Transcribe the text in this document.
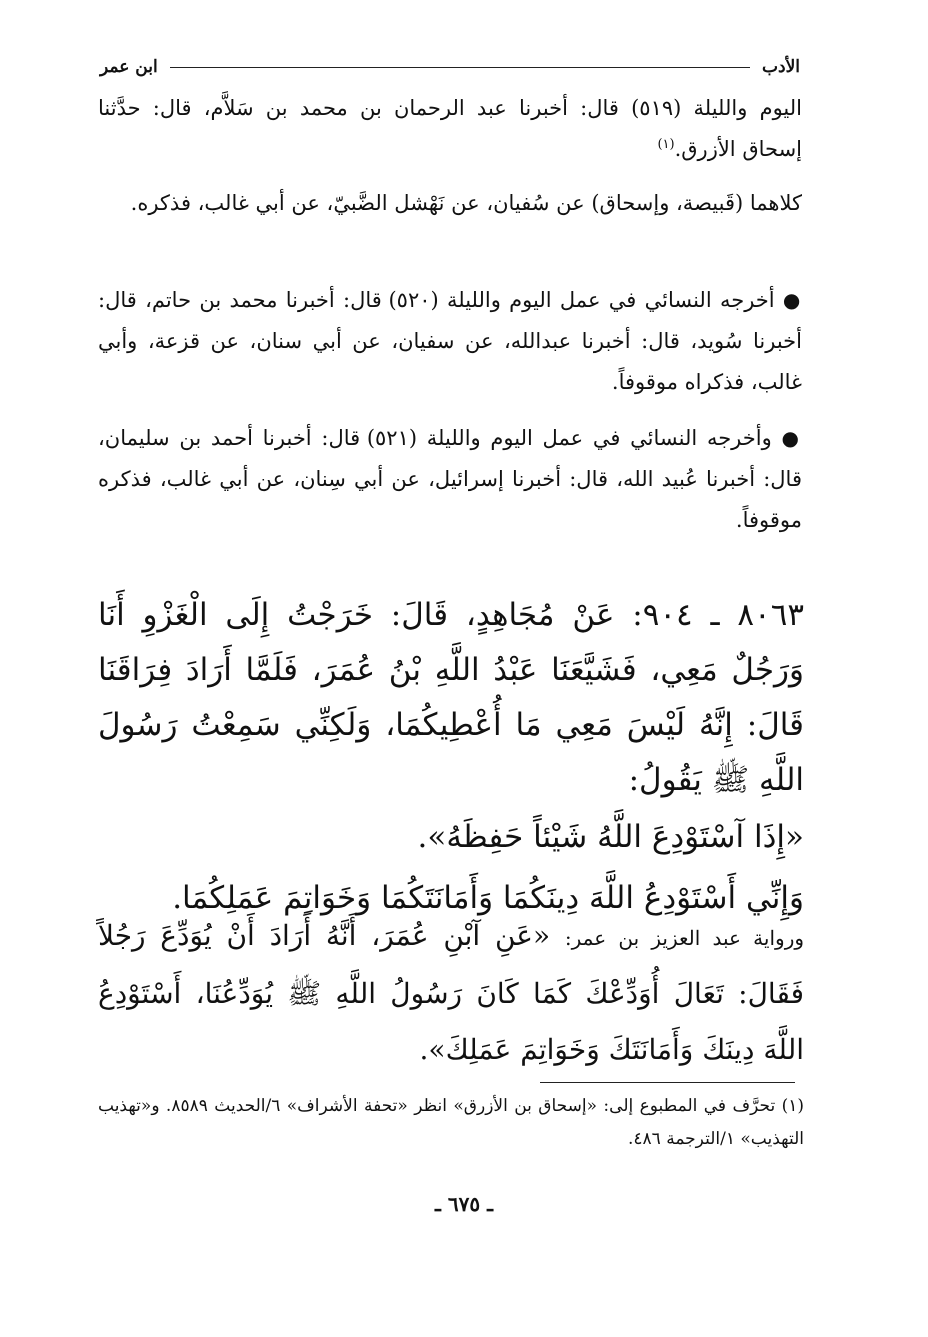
الأدب
ابن عمر

اليوم والليلة (٥١٩) قال: أخبرنا عبد الرحمان بن محمد بن سَلاَّم، قال: حدَّثنا إسحاق الأزرق.$^{(١)}$

كلاهما (قَبيصة، وإسحاق) عن سُفيان، عن نَهْشل الضَّبيّ، عن أبي غالب، فذكره.

● أخرجه النسائي في عمل اليوم والليلة (٥٢٠) قال: أخبرنا محمد بن حاتم، قال: أخبرنا سُويد، قال: أخبرنا عبدالله، عن سفيان، عن أبي سنان، عن قزعة، وأبي غالب، فذكراه موقوفاً.

● وأخرجه النسائي في عمل اليوم والليلة (٥٢١) قال: أخبرنا أحمد بن سليمان، قال: أخبرنا عُبيد الله، قال: أخبرنا إسرائيل، عن أبي سِنان، عن أبي غالب، فذكره موقوفاً.

٨٠٦٣ ـ ٩٠٤: عَنْ مُجَاهِدٍ، قَالَ: خَرَجْتُ إِلَى الْغَزْوِ أَنَا وَرَجُلٌ مَعِي، فَشَيَّعَنَا عَبْدُ اللَّهِ بْنُ عُمَرَ، فَلَمَّا أَرَادَ فِرَاقَنَا قَالَ: إِنَّهُ لَيْسَ مَعِي مَا أُعْطِيكُمَا، وَلَكِنِّي سَمِعْتُ رَسُولَ اللَّهِ ﷺ يَقُولُ:

«إِذَا آسْتَوْدِعَ اللَّهُ شَيْئاً حَفِظَهُ».

وَإِنِّي أَسْتَوْدِعُ اللَّهَ دِينَكُمَا وَأَمَانَتَكُمَا وَخَوَاتِمَ عَمَلِكُمَا.

ورواية عبد العزيز بن عمر: «عَنِ آبْنِ عُمَرَ، أَنَّهُ أَرَادَ أَنْ يُوَدِّعَ رَجُلاً فَقَالَ: تَعَالَ أُوَدِّعْكَ كَمَا كَانَ رَسُولُ اللَّهِ ﷺ يُوَدِّعُنَا، أَسْتَوْدِعُ اللَّهَ دِينَكَ وَأَمَانَتَكَ وَخَوَاتِمَ عَمَلِكَ».
(١) تحرَّف في المطبوع إلى: «إسحاق بن الأزرق» انظر «تحفة الأشراف» ٦/الحديث ٨٥٨٩. و«تهذيب التهذيب» ١/الترجمة ٤٨٦.
ـ ٦٧٥ ـ
